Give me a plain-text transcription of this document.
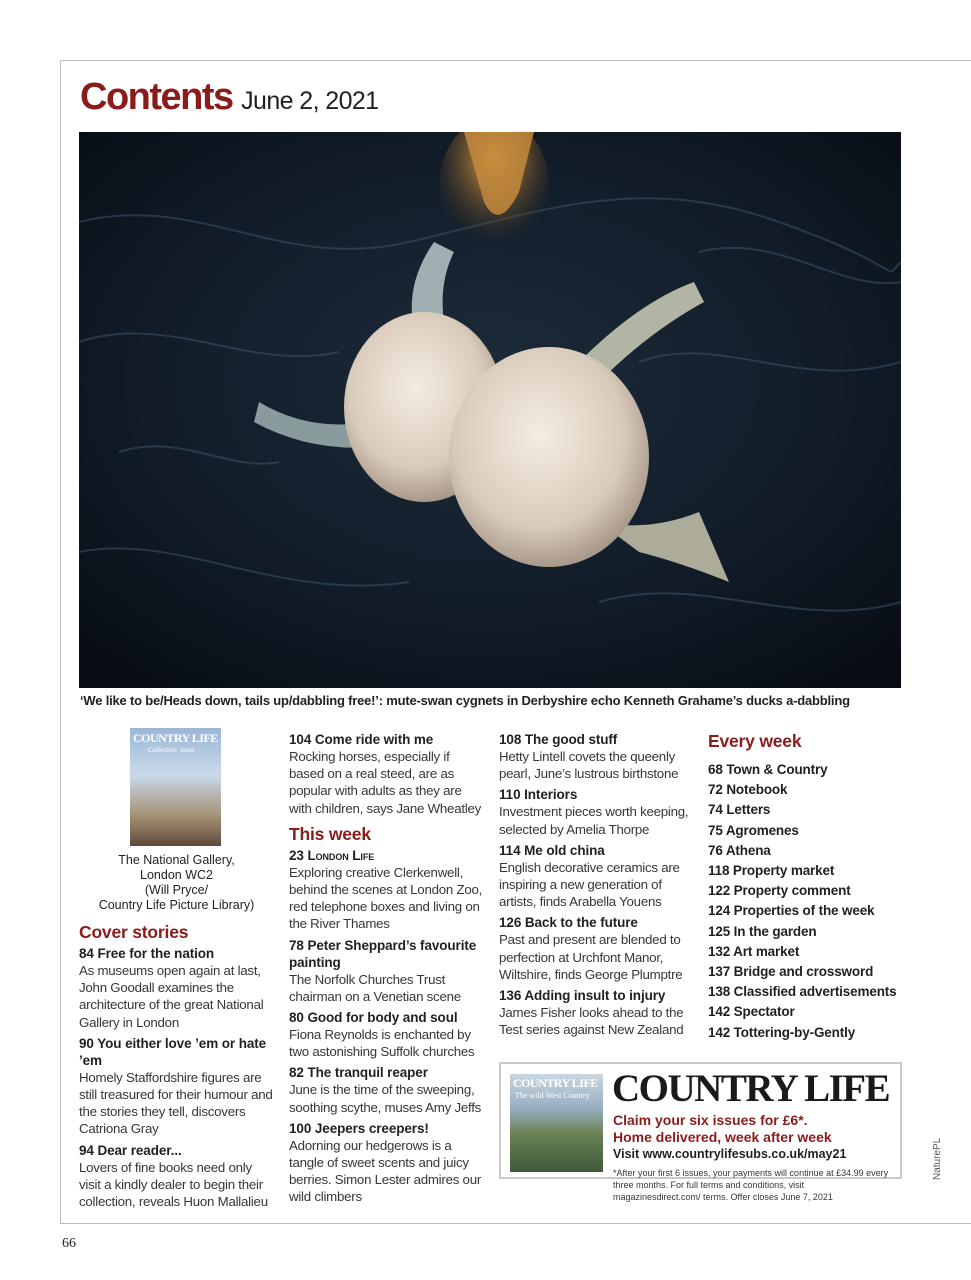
Contents June 2, 2021
‘We like to be/Heads down, tails up/dabbling free!’: mute-swan cygnets in Derbyshire echo Kenneth Grahame’s ducks a-dabbling
COUNTRY LIFE
Collectors’ issue
The National Gallery,
London WC2
(Will Pryce/
Country Life Picture Library)
Cover stories
84 Free for the nation
As museums open again at last, John Goodall examines the architecture of the great National Gallery in London
90 You either love ’em or hate ’em
Homely Staffordshire figures are still treasured for their humour and the stories they tell, discovers Catriona Gray
94 Dear reader...
Lovers of fine books need only visit a kindly dealer to begin their collection, reveals Huon Mallalieu
104 Come ride with me
Rocking horses, especially if based on a real steed, are as popular with adults as they are with children, says Jane Wheatley
This week
23 London Life
Exploring creative Clerkenwell, behind the scenes at London Zoo, red telephone boxes and living on the River Thames
78 Peter Sheppard’s favourite painting
The Norfolk Churches Trust chairman on a Venetian scene
80 Good for body and soul
Fiona Reynolds is enchanted by two astonishing Suffolk churches
82 The tranquil reaper
June is the time of the sweeping, soothing scythe, muses Amy Jeffs
100 Jeepers creepers!
Adorning our hedgerows is a tangle of sweet scents and juicy berries. Simon Lester admires our wild climbers
108 The good stuff
Hetty Lintell covets the queenly pearl, June’s lustrous birthstone
110 Interiors
Investment pieces worth keeping, selected by Amelia Thorpe
114 Me old china
English decorative ceramics are inspiring a new generation of artists, finds Arabella Youens
126 Back to the future
Past and present are blended to perfection at Urchfont Manor, Wiltshire, finds George Plumptre
136 Adding insult to injury
James Fisher looks ahead to the Test series against New Zealand
Every week
68 Town & Country
72 Notebook
74 Letters
75 Agromenes
76 Athena
118 Property market
122 Property comment
124 Properties of the week
125 In the garden
132 Art market
137 Bridge and crossword
138 Classified advertisements
142 Spectator
142 Tottering-by-Gently
COUNTRY LIFE
The wild West Country COUNTRY LIFE
Claim your six issues for £6*.
Home delivered, week after week
Visit www.countrylifesubs.co.uk/may21
*After your first 6 issues, your payments will continue at £34.99 every three months. For full terms and conditions, visit magazinesdirect.com/ terms. Offer closes June 7, 2021
NaturePL
66
